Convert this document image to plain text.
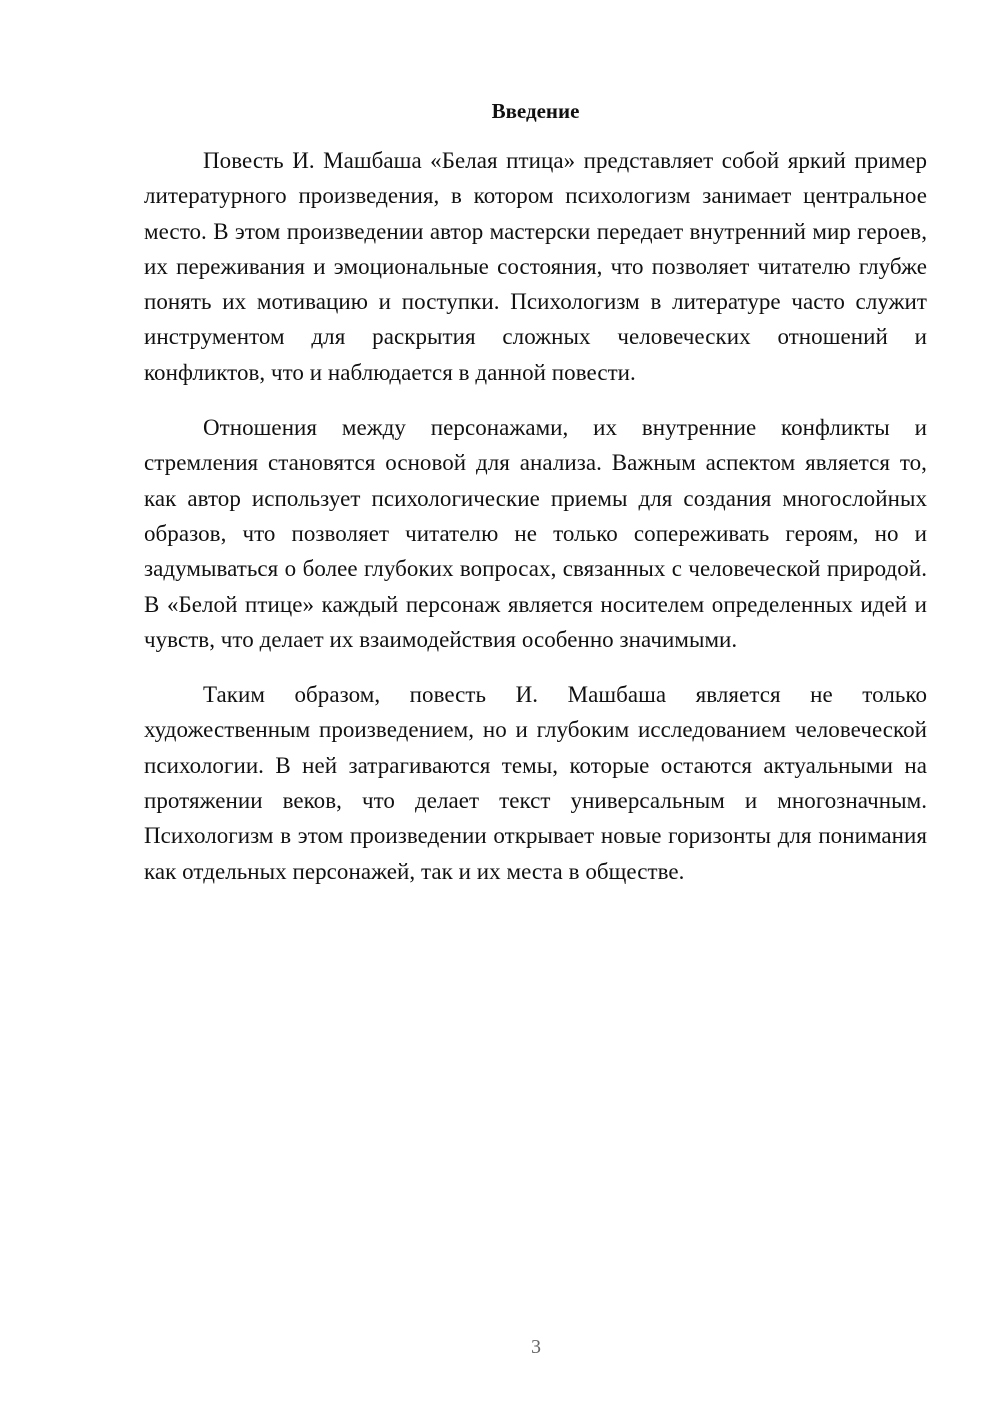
Введение

Повесть И. Машбаша «Белая птица» представляет собой яркий пример литературного произведения, в котором психологизм занимает центральное место. В этом произведении автор мастерски передает внутренний мир героев, их переживания и эмоциональные состояния, что позволяет читателю глубже понять их мотивацию и поступки. Психологизм в литературе часто служит инструментом для раскрытия сложных человеческих отношений и конфликтов, что и наблюдается в данной повести.

Отношения между персонажами, их внутренние конфликты и стремления становятся основой для анализа. Важным аспектом является то, как автор использует психологические приемы для создания многослойных образов, что позволяет читателю не только сопереживать героям, но и задумываться о более глубоких вопросах, связанных с человеческой природой. В «Белой птице» каждый персонаж является носителем определенных идей и чувств, что делает их взаимодействия особенно значимыми.

Таким образом, повесть И. Машбаша является не только художественным произведением, но и глубоким исследованием человеческой психологии. В ней затрагиваются темы, которые остаются актуальными на протяжении веков, что делает текст универсальным и многозначным. Психологизм в этом произведении открывает новые горизонты для понимания как отдельных персонажей, так и их места в обществе.

3
